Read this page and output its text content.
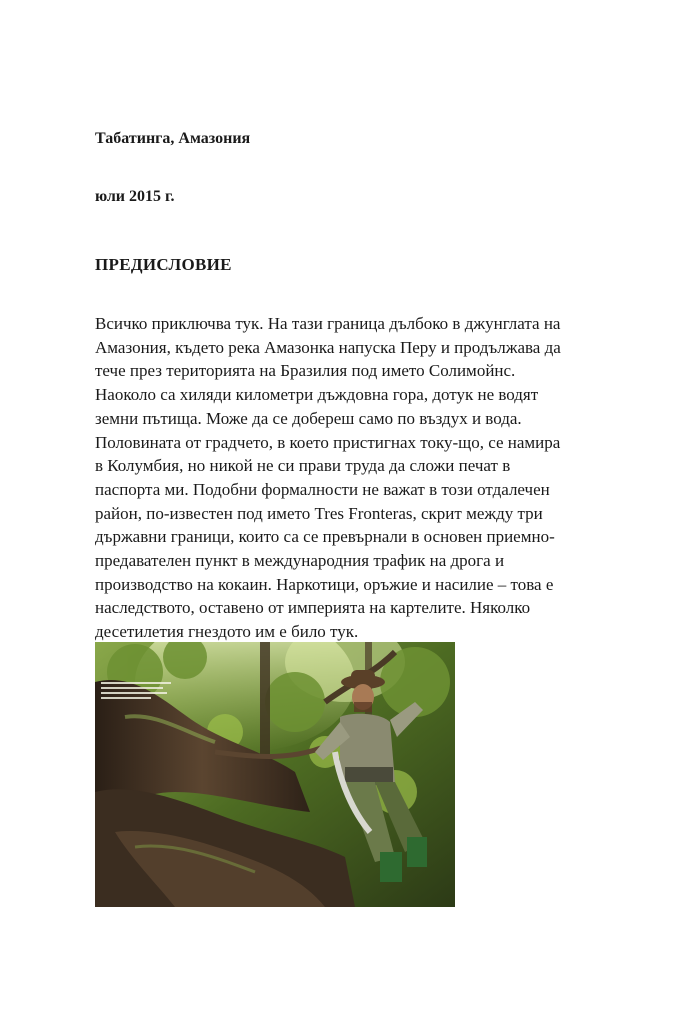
Табатинга, Амазония

юли 2015 г.

ПРЕДИСЛОВИЕ

Всичко приключва тук. На тази граница дълбоко в джунглата на
Амазония, където река Амазонка напуска Перу и продължава да
тече през територията на Бразилия под името Солимойнс.
Наоколо са хиляди километри дъждовна гора, дотук не водят
земни пътища. Може да се добереш само по въздух и вода.
Половината от градчето, в което пристигнах току-що, се намира
в Колумбия, но никой не си прави труда да сложи печат в
паспорта ми. Подобни формалности не важат в този отдалечен
район, по-известен под името Tres Fronteras, скрит между три
държавни граници, които са се превърнали в основен приемно-
предавателен пункт в международния трафик на дрога и
производство на кокаин. Наркотици, оръжие и насилие – това е
наследството, оставено от империята на картелите. Няколко
десетилетия гнездото им е било тук.
